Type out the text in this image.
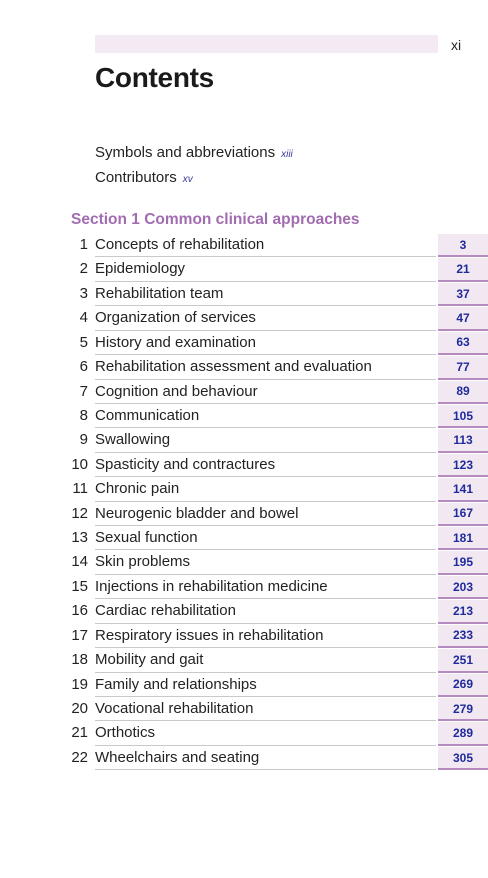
xi
Contents
Symbols and abbreviations xiii
Contributors xv
Section 1 Common clinical approaches
1 Concepts of rehabilitation	3
2 Epidemiology	21
3 Rehabilitation team	37
4 Organization of services	47
5 History and examination	63
6 Rehabilitation assessment and evaluation	77
7 Cognition and behaviour	89
8 Communication	105
9 Swallowing	113
10 Spasticity and contractures	123
11 Chronic pain	141
12 Neurogenic bladder and bowel	167
13 Sexual function	181
14 Skin problems	195
15 Injections in rehabilitation medicine	203
16 Cardiac rehabilitation	213
17 Respiratory issues in rehabilitation	233
18 Mobility and gait	251
19 Family and relationships	269
20 Vocational rehabilitation	279
21 Orthotics	289
22 Wheelchairs and seating	305
